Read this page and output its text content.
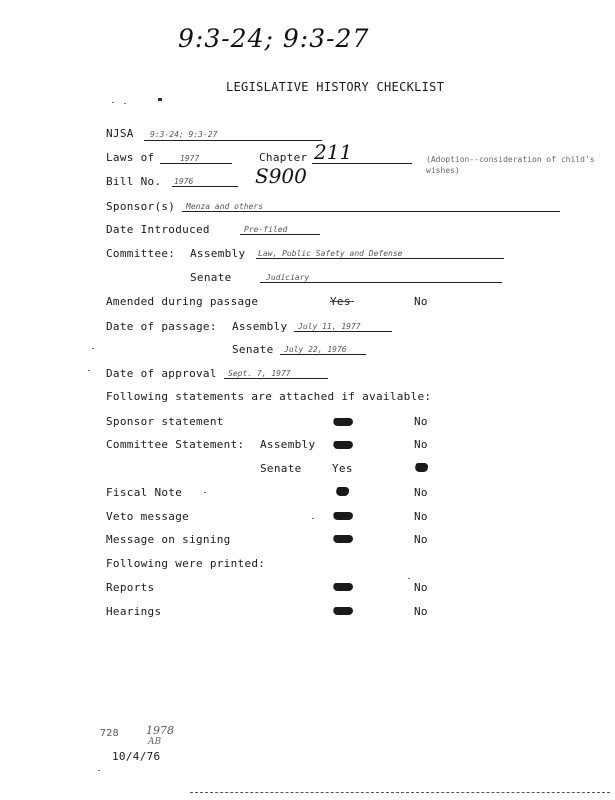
9:3-24; 9:3-27
LEGISLATIVE HISTORY CHECKLIST
NJSA 9:3-24; 9:3-27
Laws of	1977	Chapter 211	(Adoption--consideration of child's wishes)
Bill No. 1976	S900
Sponsor(s) Menza and others
Date Introduced	Pre-filed
Committee: Assembly Law, Public Safety and Defense
Senate	Judiciary
Amended during passage	Yes	No
Date of passage: Assembly July 11, 1977
Senate July 22, 1976
Date of approval Sept. 7, 1977
Following statements are attached if available:
Sponsor statement	No
Committee Statement: Assembly	No
Senate	Yes
Fiscal Note	No
Veto message	No
Message on signing	No
Following were printed:
Reports	No
Hearings	No
728 1978
AB
10/4/76
